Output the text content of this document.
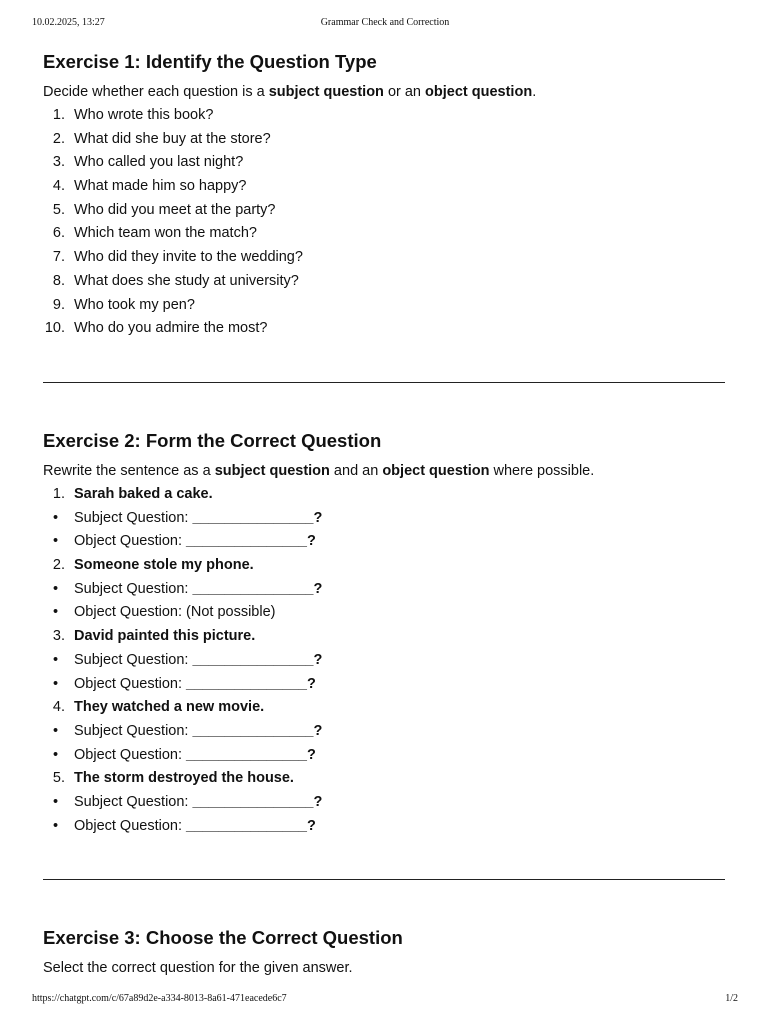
10.02.2025, 13:27	Grammar Check and Correction
Exercise 1: Identify the Question Type

Decide whether each question is a subject question or an object question.

1 . Who wrote this book?
2 . What did she buy at the store?
3 . Who called you last night?
4 . What made him so happy?
5 . Who did you meet at the party?
6 . Which team won the match?
7 . Who did they invite to the wedding?
8 . What does she study at university?
9 . Who took my pen?
10 . Who do you admire the most?
Exercise 2: Form the Correct Question

Rewrite the sentence as a subject question and an object question where possible.

1 . Sarah baked a cake.
• Subject Question: _______________?
• Object Question: _______________?
2 . Someone stole my phone.
• Subject Question: _______________?
• Object Question: (Not possible)
3 . David painted this picture.
• Subject Question: _______________?
• Object Question: _______________?
4 . They watched a new movie.
• Subject Question: _______________?
• Object Question: _______________?
5 . The storm destroyed the house.
• Subject Question: _______________?
• Object Question: _______________?
Exercise 3: Choose the Correct Question

Select the correct question for the given answer.

https://chatgpt.com/c/67a89d2e-a334-8013-8a61-471eacede6c7	1/2
